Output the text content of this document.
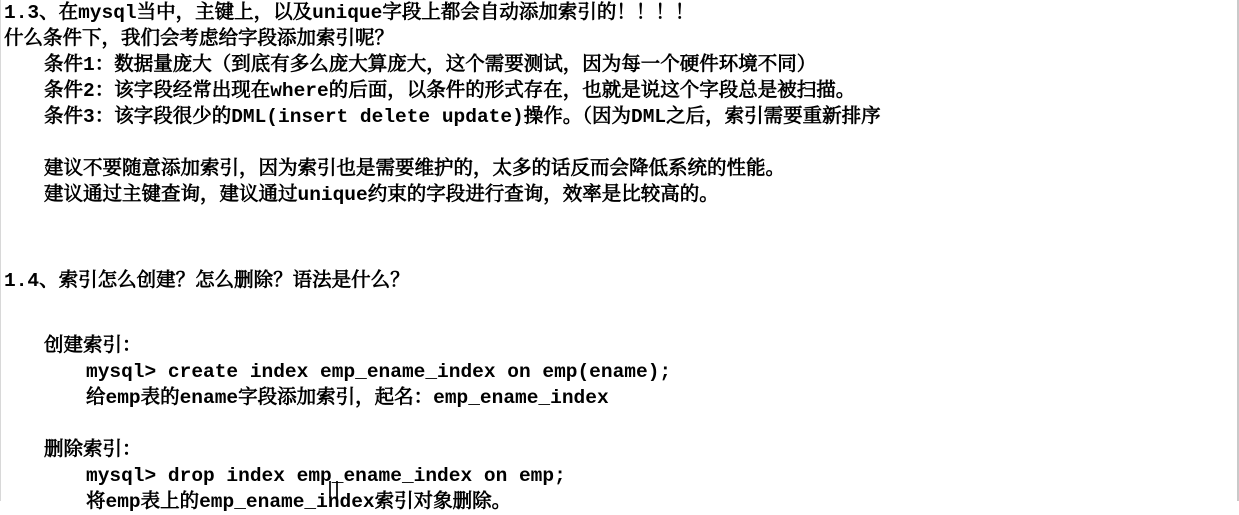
1.3、在mysql当中，主键上，以及unique字段上都会自动添加索引的！！！！
什么条件下，我们会考虑给字段添加索引呢？
条件1：数据量庞大（到底有多么庞大算庞大，这个需要测试，因为每一个硬件环境不同）
条件2：该字段经常出现在where的后面，以条件的形式存在，也就是说这个字段总是被扫描。
条件3：该字段很少的DML(insert delete update)操作。（因为DML之后，索引需要重新排序
建议不要随意添加索引，因为索引也是需要维护的，太多的话反而会降低系统的性能。
建议通过主键查询，建议通过unique约束的字段进行查询，效率是比较高的。
1.4、索引怎么创建？怎么删除？语法是什么？
创建索引：
mysql> create index emp_ename_index on emp(ename);
给emp表的ename字段添加索引，起名：emp_ename_index
删除索引：
mysql> drop index emp_ename_index on emp;
将emp表上的emp_ename_index索引对象删除。
